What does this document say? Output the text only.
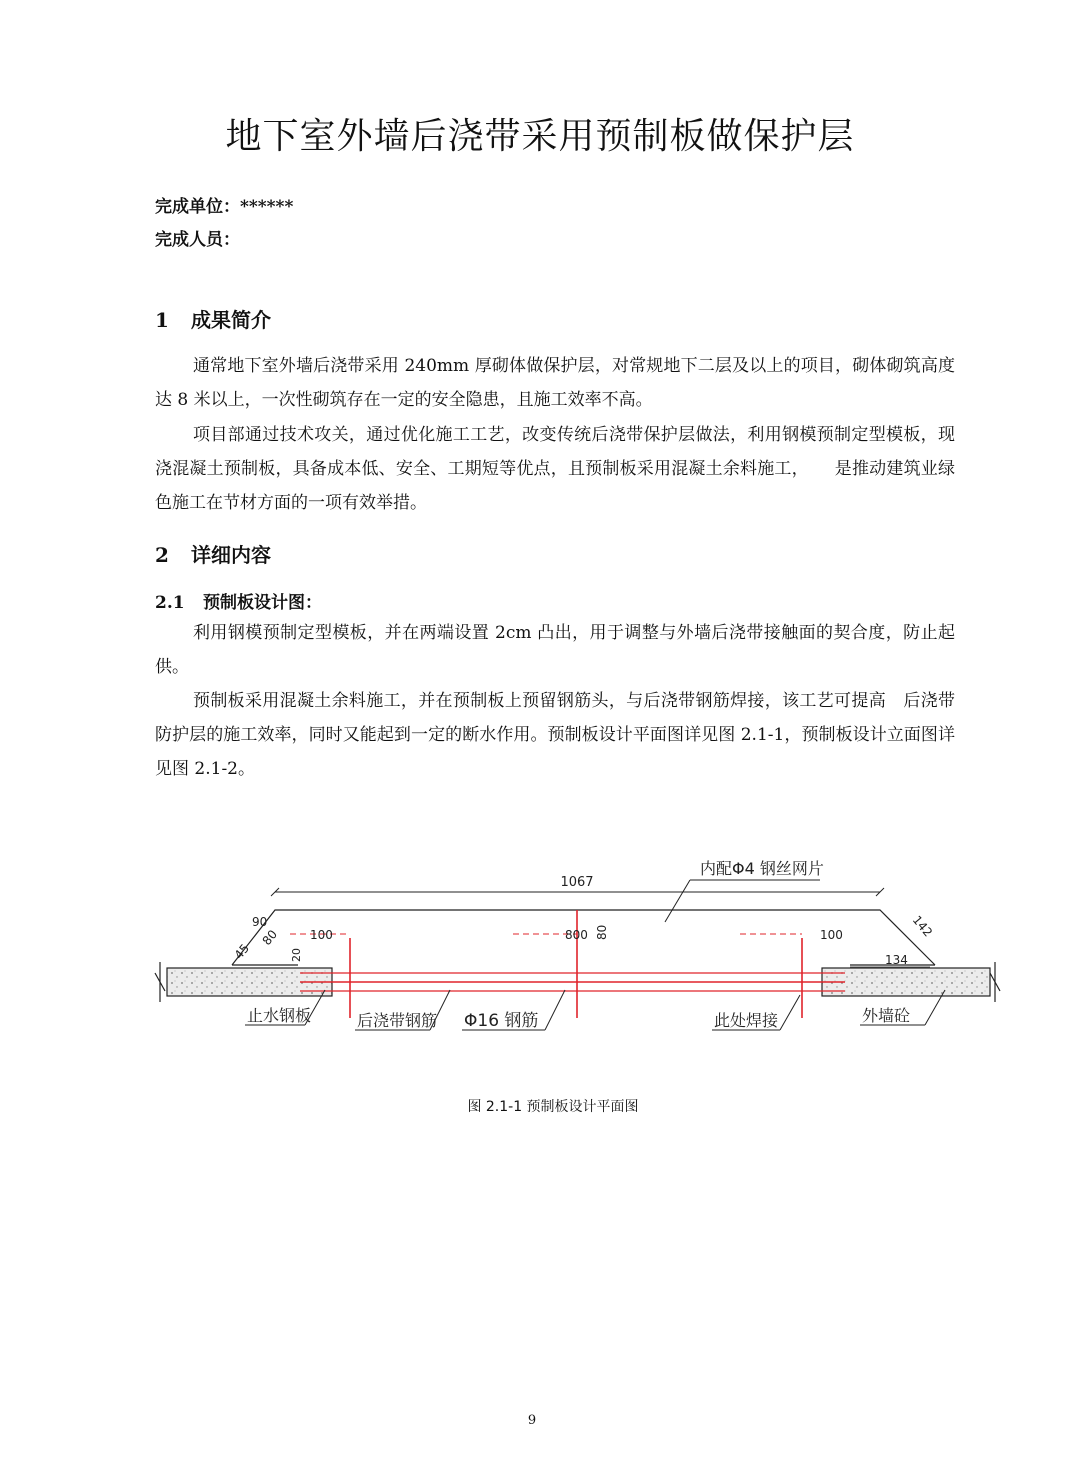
地下室外墙后浇带采用预制板做保护层
完成单位：******
完成人员：
1 成果简介
通常地下室外墙后浇带采用 240mm 厚砌体做保护层，对常规地下二层及以上的项目，砌体砌筑高度达 8 米以上，一次性砌筑存在一定的安全隐患，且施工效率不高。
项目部通过技术攻关，通过优化施工工艺，改变传统后浇带保护层做法，利用钢模预制定型模板，现浇混凝土预制板，具备成本低、安全、工期短等优点，且预制板采用混凝土余料施工，　　是推动建筑业绿色施工在节材方面的一项有效举措。
2 详细内容
2.1 预制板设计图：
利用钢模预制定型模板，并在两端设置 2cm 凸出，用于调整与外墙后浇带接触面的契合度，防止起供。
预制板采用混凝土余料施工，并在预制板上预留钢筋头，与后浇带钢筋焊接，该工艺可提高　后浇带防护层的施工效率，同时又能起到一定的断水作用。预制板设计平面图详见图 2.1-1，预制板设计立面图详见图 2.1-2。
1067
90
80
45	20
100	800 80	100	142
134
内配Φ4 钢丝网片
止水钢板	后浇带钢筋 Φ16 钢筋	此处焊接	外墙砼
图 2.1-1 预制板设计平面图
9
